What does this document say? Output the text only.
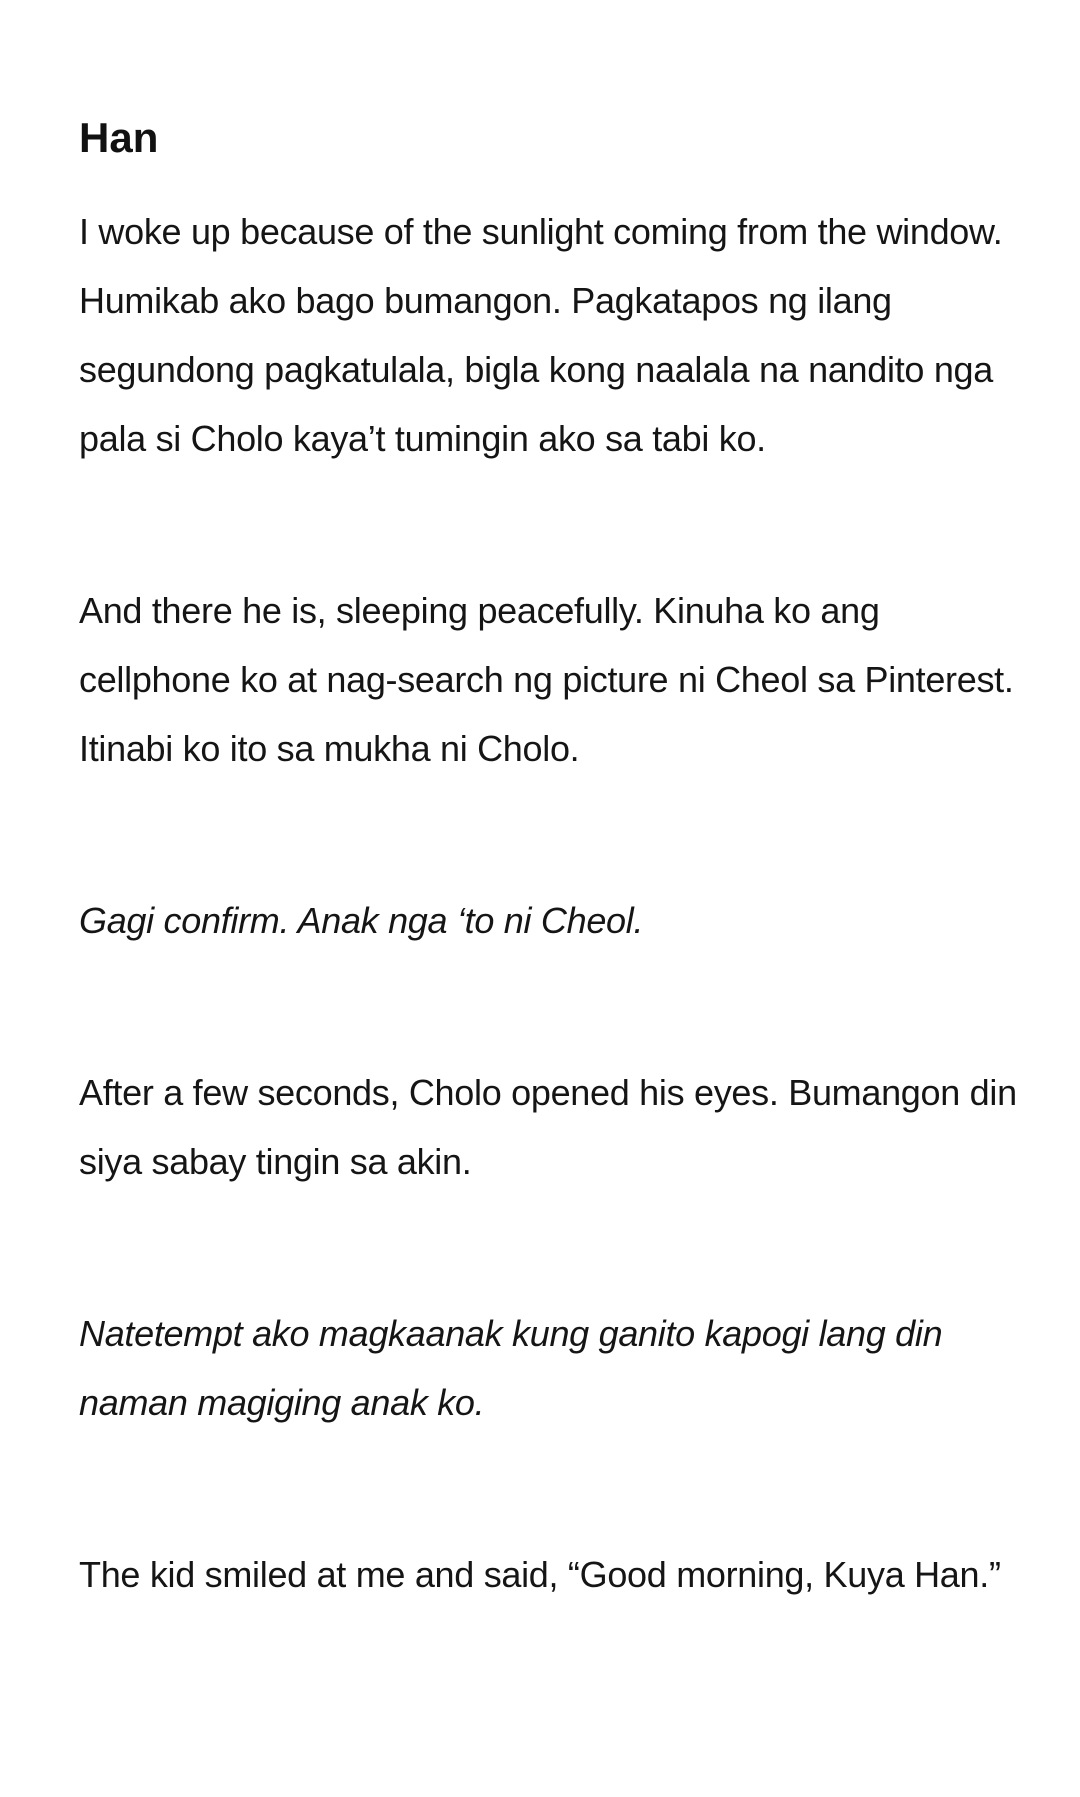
Han

I woke up because of the sunlight coming from the window. Humikab ako bago bumangon. Pagkatapos ng ilang segundong pagkatulala, bigla kong naalala na nandito nga pala si Cholo kaya’t tumingin ako sa tabi ko.

And there he is, sleeping peacefully. Kinuha ko ang cellphone ko at nag-search ng picture ni Cheol sa Pinterest. Itinabi ko ito sa mukha ni Cholo.

Gagi confirm. Anak nga ‘to ni Cheol.

After a few seconds, Cholo opened his eyes. Bumangon din siya sabay tingin sa akin.

Natetempt ako magkaanak kung ganito kapogi lang din naman magiging anak ko.

The kid smiled at me and said, “Good morning, Kuya Han.”
